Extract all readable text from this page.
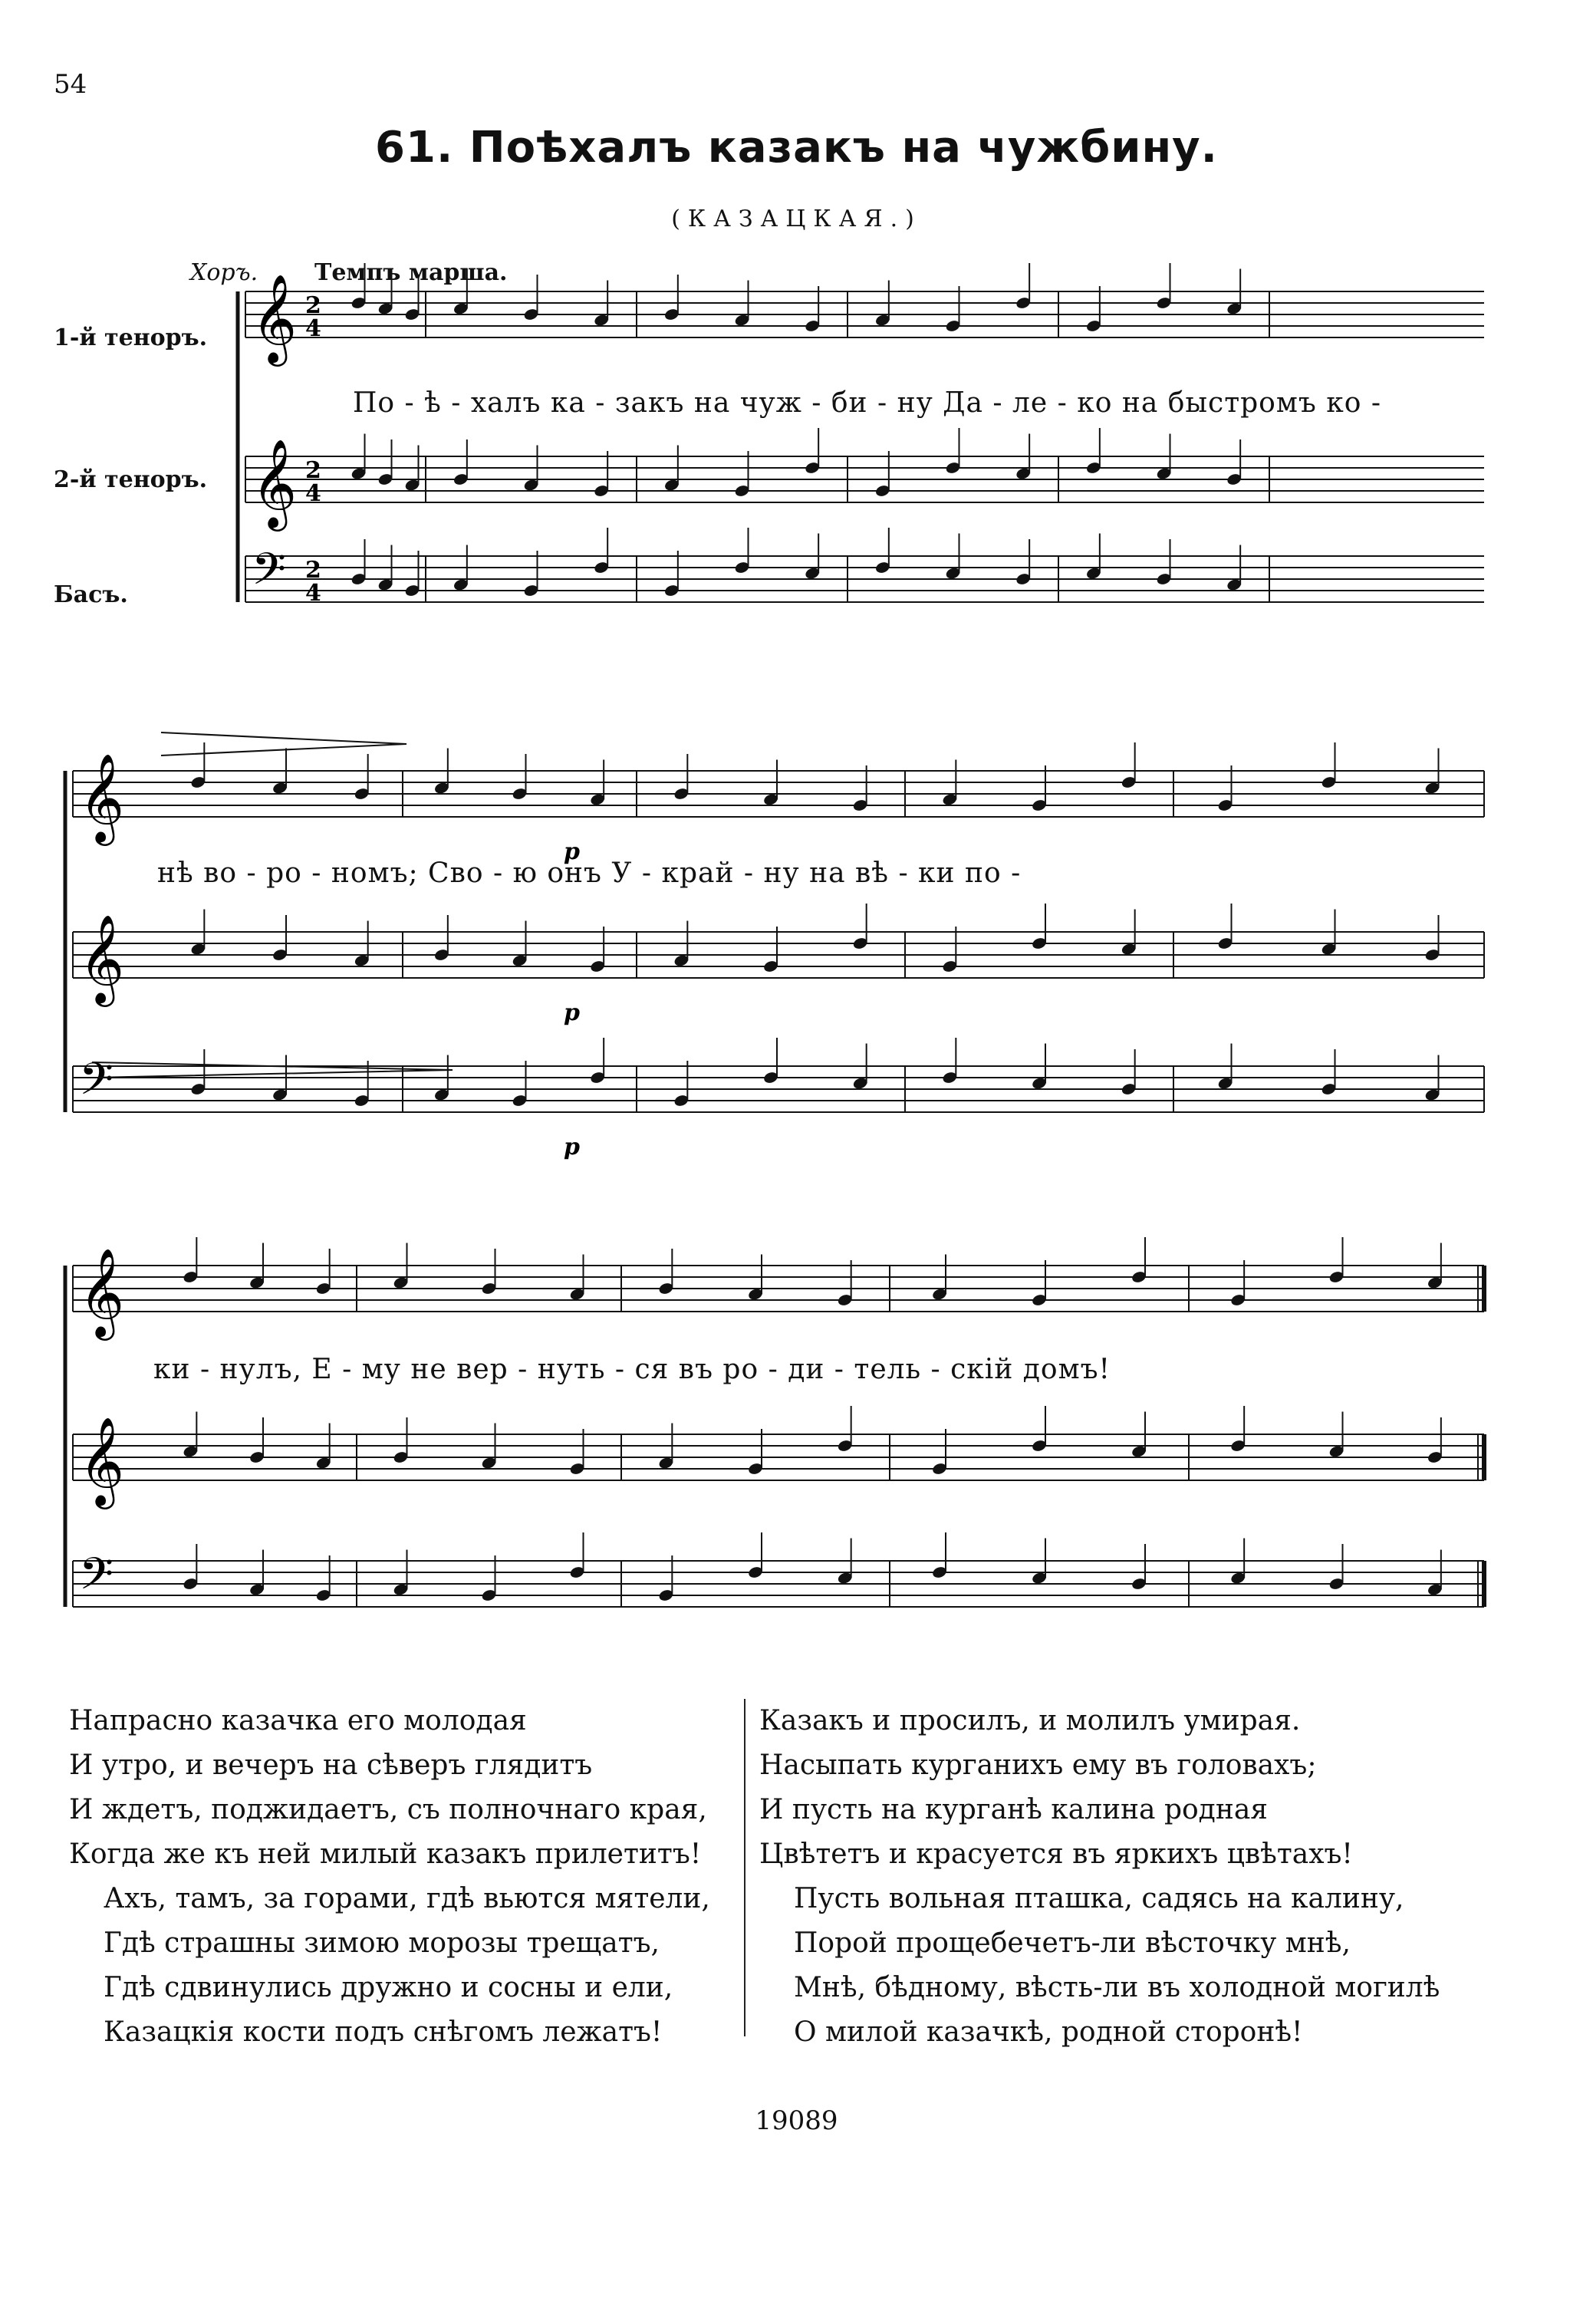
54
61. Поѣхалъ казакъ на чужбину.
(КАЗАЦКАЯ.)
Хоръ. Темпъ марша.
1-й теноръ.
2-й теноръ.
Басъ.
𝄞 2
4
𝄞 2
4
𝄢 2
4
𝄞
𝄞
𝄢
𝄞
𝄞
𝄢
p
p
p
По - ѣ - халъ ка - закъ на чуж - би - ну Да - ле - ко на быстромъ ко -
нѣ во - ро - номъ; Сво - ю онъ У - край - ну на вѣ - ки по -
ки - нулъ, Е - му не вер - нуть - ся въ ро - ди - тель - скій домъ!
Напрасно казачка его молодая
И утро, и вечеръ на сѣверъ глядитъ
И ждетъ, поджидаетъ, съ полночнаго края,
Когда же къ ней милый казакъ прилетитъ!
Ахъ, тамъ, за горами, гдѣ вьются мятели,
Гдѣ страшны зимою морозы трещатъ,
Гдѣ сдвинулись дружно и сосны и ели,
Казацкія кости подъ снѣгомъ лежатъ!
Казакъ и просилъ, и молилъ умирая.
Насыпать курганихъ ему въ головахъ;
И пусть на курганѣ калина родная
Цвѣтетъ и красуется въ яркихъ цвѣтахъ!
Пусть вольная пташка, садясь на калину,
Порой прощебечетъ-ли вѣсточку мнѣ,
Мнѣ, бѣдному, вѣсть-ли въ холодной могилѣ
О милой казачкѣ, родной сторонѣ!
19089
